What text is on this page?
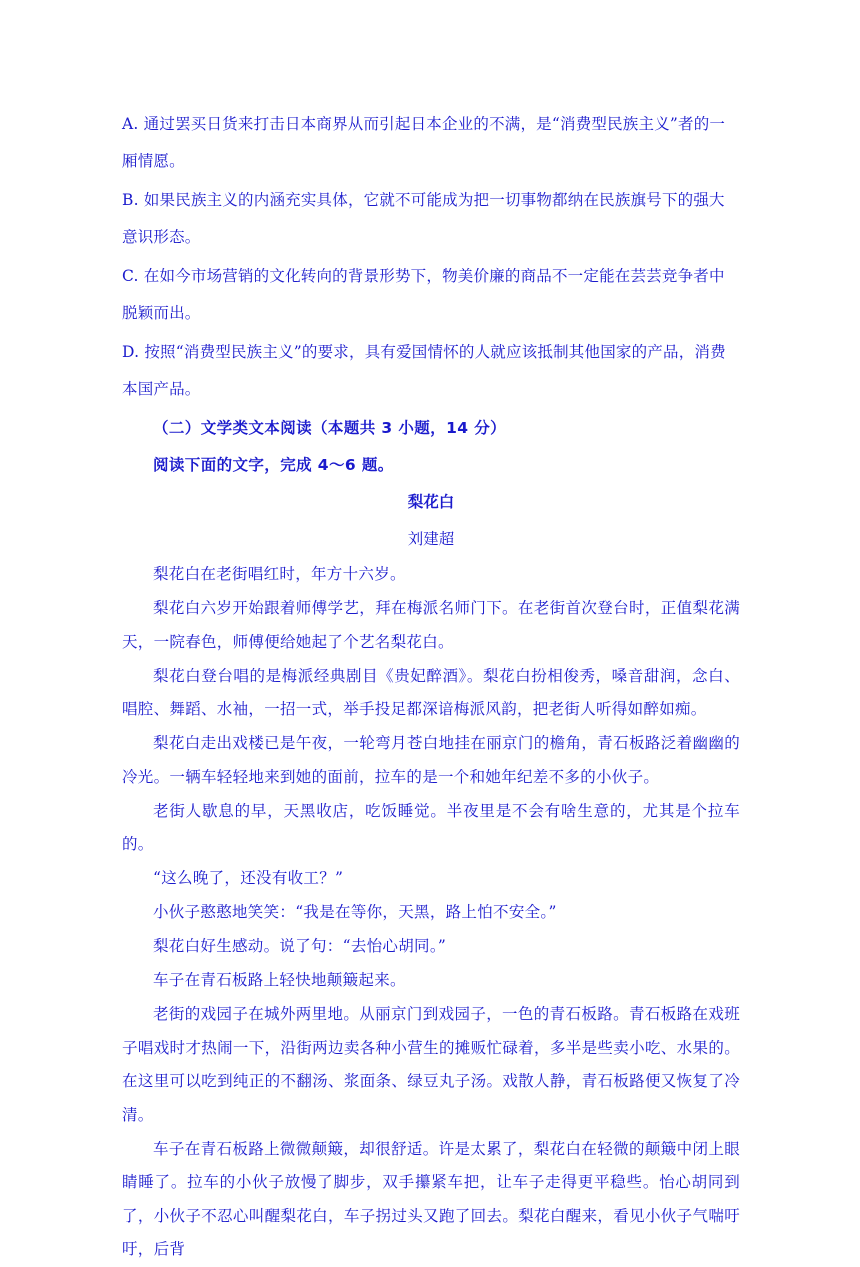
A. 通过罢买日货来打击日本商界从而引起日本企业的不满，是“消费型民族主义”者的一厢情愿。
B. 如果民族主义的内涵充实具体，它就不可能成为把一切事物都纳在民族旗号下的强大意识形态。
C. 在如今市场营销的文化转向的背景形势下，物美价廉的商品不一定能在芸芸竞争者中脱颖而出。
D. 按照“消费型民族主义”的要求，具有爱国情怀的人就应该抵制其他国家的产品，消费本国产品。

（二）文学类文本阅读（本题共 3 小题，14 分）

阅读下面的文字，完成 4～6 题。

梨花白

刘建超

梨花白在老街唱红时，年方十六岁。

梨花白六岁开始跟着师傅学艺，拜在梅派名师门下。在老街首次登台时，正值梨花满天，一院春色，师傅便给她起了个艺名梨花白。

梨花白登台唱的是梅派经典剧目《贵妃醉酒》。梨花白扮相俊秀，嗓音甜润，念白、唱腔、舞蹈、水袖，一招一式，举手投足都深谙梅派风韵，把老街人听得如醉如痴。

梨花白走出戏楼已是午夜，一轮弯月苍白地挂在丽京门的檐角，青石板路泛着幽幽的冷光。一辆车轻轻地来到她的面前，拉车的是一个和她年纪差不多的小伙子。

老街人歇息的早，天黑收店，吃饭睡觉。半夜里是不会有啥生意的，尤其是个拉车的。

“这么晚了，还没有收工？”

小伙子憨憨地笑笑：“我是在等你，天黑，路上怕不安全。”

梨花白好生感动。说了句：“去怡心胡同。”

车子在青石板路上轻快地颠簸起来。

老街的戏园子在城外两里地。从丽京门到戏园子，一色的青石板路。青石板路在戏班子唱戏时才热闹一下，沿街两边卖各种小营生的摊贩忙碌着，多半是些卖小吃、水果的。在这里可以吃到纯正的不翻汤、浆面条、绿豆丸子汤。戏散人静，青石板路便又恢复了冷清。

车子在青石板路上微微颠簸，却很舒适。许是太累了，梨花白在轻微的颠簸中闭上眼睛睡了。拉车的小伙子放慢了脚步，双手攥紧车把，让车子走得更平稳些。怡心胡同到了，小伙子不忍心叫醒梨花白，车子拐过头又跑了回去。梨花白醒来，看见小伙子气喘吁吁，后背
